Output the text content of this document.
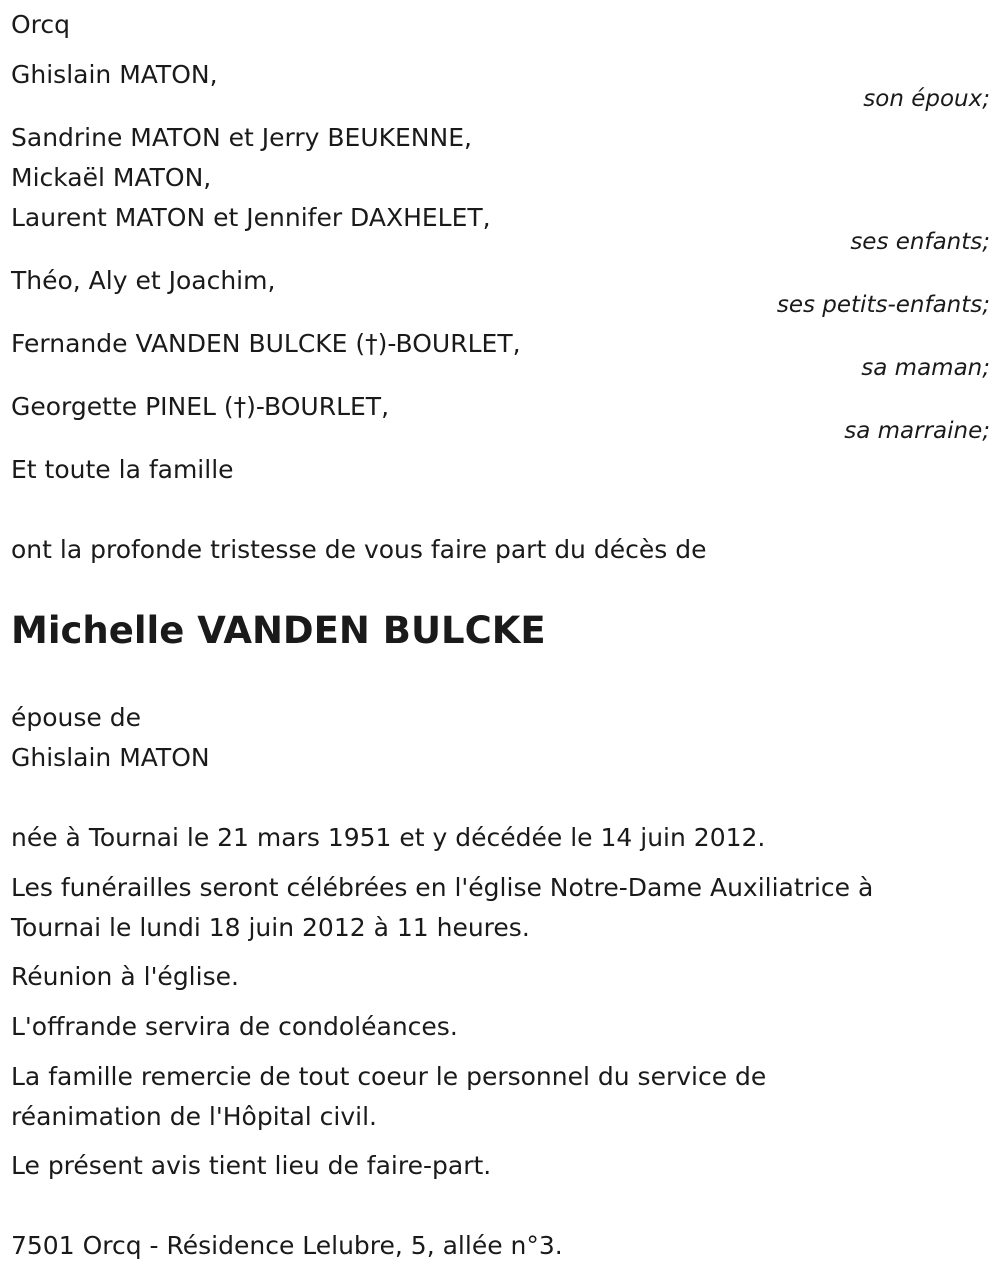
Orcq
Ghislain MATON,
son époux;
Sandrine MATON et Jerry BEUKENNE,
Mickaël MATON,
Laurent MATON et Jennifer DAXHELET,
ses enfants;
Théo, Aly et Joachim,
ses petits-enfants;
Fernande VANDEN BULCKE (†)-BOURLET,
sa maman;
Georgette PINEL (†)-BOURLET,
sa marraine;
Et toute la famille
ont la profonde tristesse de vous faire part du décès de
Michelle VANDEN BULCKE
épouse de
Ghislain MATON
née à Tournai le 21 mars 1951 et y décédée le 14 juin 2012.
Les funérailles seront célébrées en l'église Notre-Dame Auxiliatrice à
Tournai le lundi 18 juin 2012 à 11 heures.
Réunion à l'église.
L'offrande servira de condoléances.
La famille remercie de tout coeur le personnel du service de
réanimation de l'Hôpital civil.
Le présent avis tient lieu de faire-part.
7501 Orcq - Résidence Lelubre, 5, allée n°3.
